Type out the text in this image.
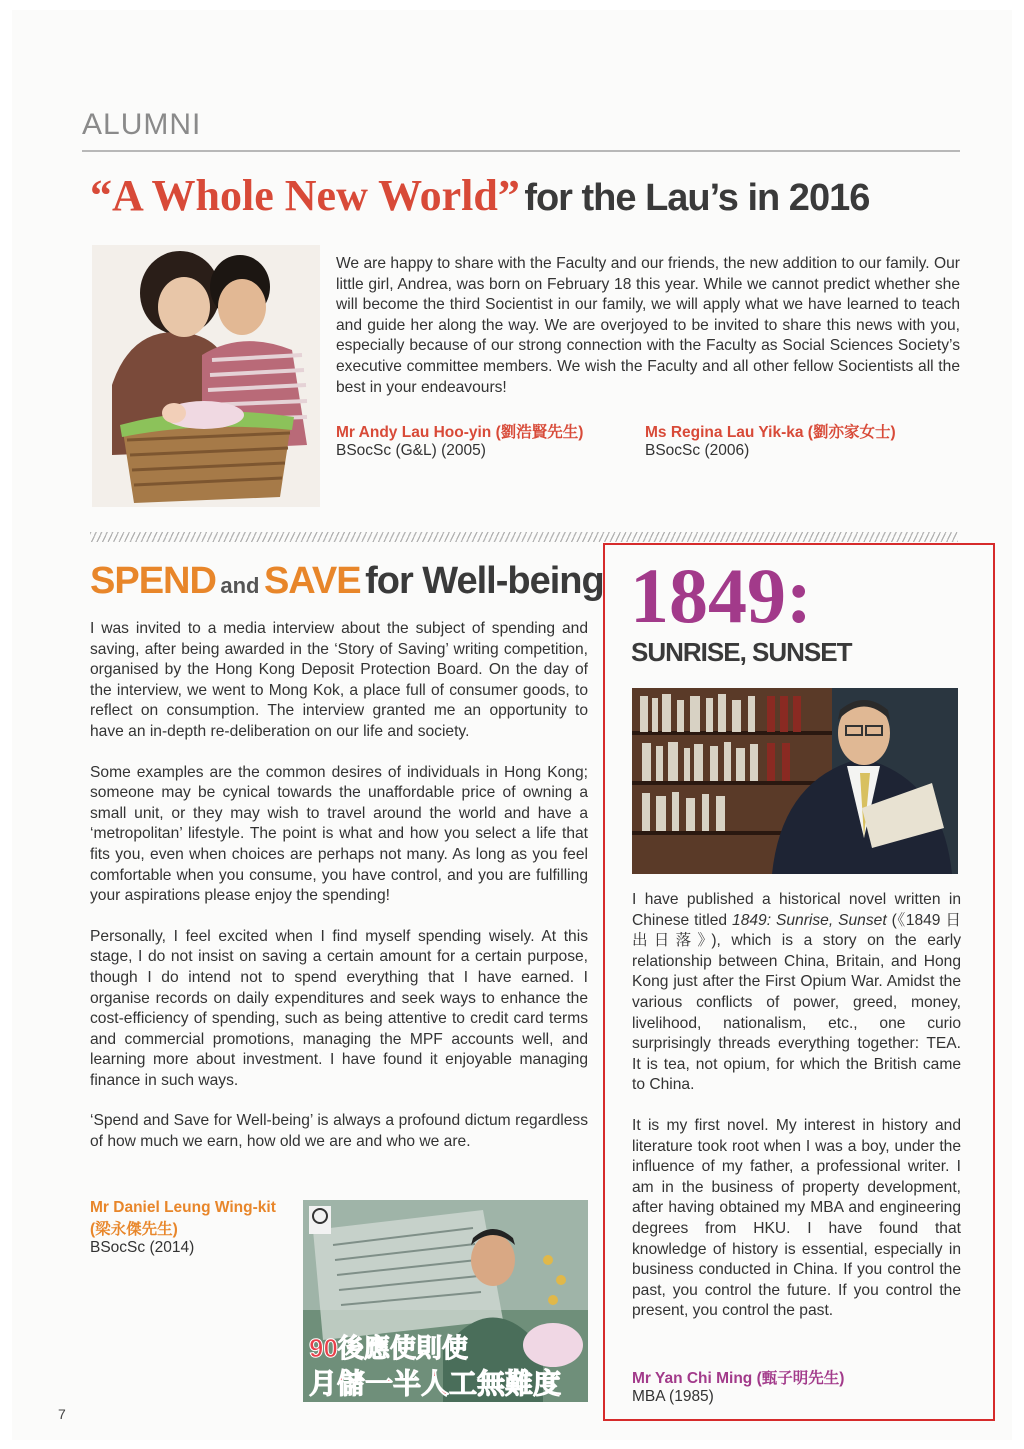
ALUMNI
“A Whole New World” for the Lau’s in 2016
We are happy to share with the Faculty and our friends, the new addition to our family. Our little girl, Andrea, was born on February 18 this year. While we cannot predict whether she will become the third Socientist in our family, we will apply what we have learned to teach and guide her along the way. We are overjoyed to be invited to share this news with you, especially because of our strong connection with the Faculty as Social Sciences Society’s executive committee members. We wish the Faculty and all other fellow Socientists all the best in your endeavours!
Mr Andy Lau Hoo-yin (劉浩賢先生)
BSocSc (G&L) (2005)
Ms Regina Lau Yik-ka (劉亦家女士)
BSocSc (2006)
SPEND and SAVE for Well-being

I was invited to a media interview about the subject of spending and saving, after being awarded in the ‘Story of Saving’ writing competition, organised by the Hong Kong Deposit Protection Board. On the day of the interview, we went to Mong Kok, a place full of consumer goods, to reflect on consumption. The interview granted me an opportunity to have an in-depth re-deliberation on our life and society.

Some examples are the common desires of individuals in Hong Kong; someone may be cynical towards the unaffordable price of owning a small unit, or they may wish to travel around the world and have a ‘metropolitan’ lifestyle. The point is what and how you select a life that fits you, even when choices are perhaps not many. As long as you feel comfortable when you consume, you have control, and you are fulfilling your aspirations please enjoy the spending!

Personally, I feel excited when I find myself spending wisely. At this stage, I do not insist on saving a certain amount for a certain purpose, though I do intend not to spend everything that I have earned. I organise records on daily expenditures and seek ways to enhance the cost-efficiency of spending, such as being attentive to credit card terms and commercial promotions, managing the MPF accounts well, and learning more about investment. I have found it enjoyable managing finance in such ways.

‘Spend and Save for Well-being’ is always a profound dictum regardless of how much we earn, how old we are and who we are.

Mr Daniel Leung Wing-kit
(梁永傑先生)
BSocSc (2014)
90後應使則使
月儲一半人工無難度
1849:
SUNRISE, SUNSET

I have published a historical novel written in Chinese titled 1849: Sunrise, Sunset (《1849 日出日落》), which is a story on the early relationship between China, Britain, and Hong Kong just after the First Opium War. Amidst the various conflicts of power, greed, money, livelihood, nationalism, etc., one curio surprisingly threads everything together: TEA. It is tea, not opium, for which the British came to China.

It is my first novel. My interest in history and literature took root when I was a boy, under the influence of my father, a professional writer. I am in the business of property development, after having obtained my MBA and engineering degrees from HKU. I have found that knowledge of history is essential, especially in business conducted in China. If you control the past, you control the future. If you control the present, you control the past.

Mr Yan Chi Ming (甄子明先生)
MBA (1985)
7
